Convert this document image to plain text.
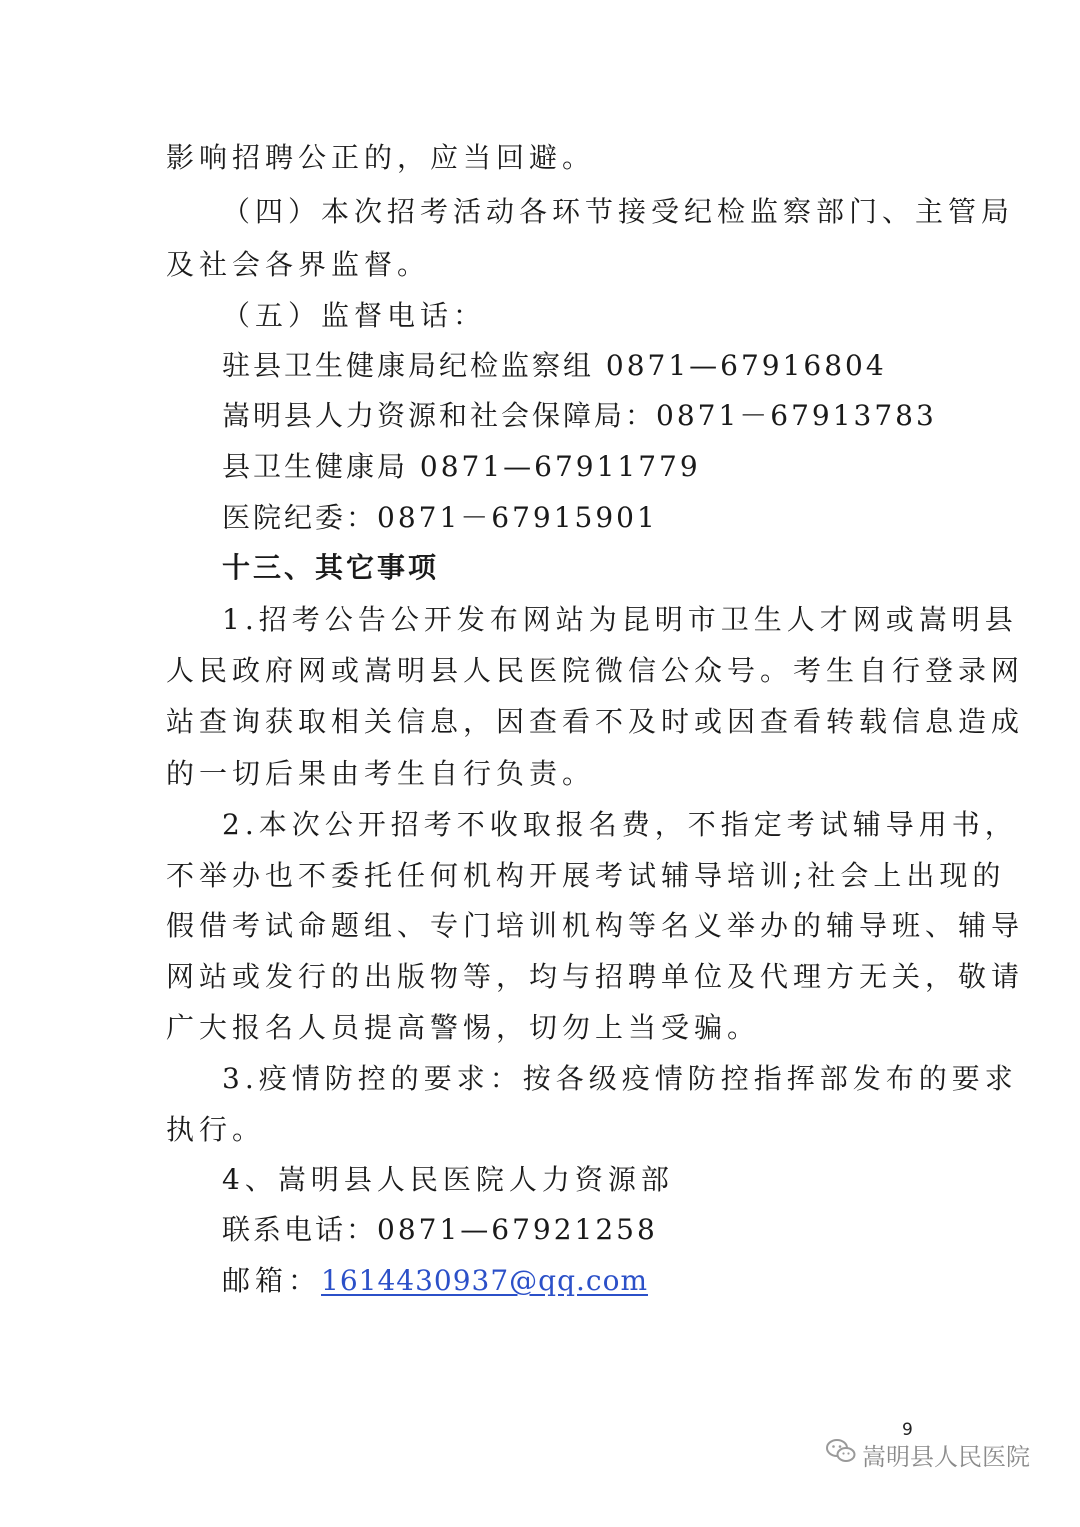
影响招聘公正的，应当回避。
（四）本次招考活动各环节接受纪检监察部门、主管局
及社会各界监督。
（五）监督电话：
驻县卫生健康局纪检监察组 0871—67916804
嵩明县人力资源和社会保障局：0871－67913783
县卫生健康局 0871—67911779
医院纪委：0871－67915901
十三、其它事项
1.招考公告公开发布网站为昆明市卫生人才网或嵩明县
人民政府网或嵩明县人民医院微信公众号。考生自行登录网
站查询获取相关信息，因查看不及时或因查看转载信息造成
的一切后果由考生自行负责。
2.本次公开招考不收取报名费，不指定考试辅导用书，
不举办也不委托任何机构开展考试辅导培训;社会上出现的
假借考试命题组、专门培训机构等名义举办的辅导班、辅导
网站或发行的出版物等，均与招聘单位及代理方无关，敬请
广大报名人员提高警惕，切勿上当受骗。
3.疫情防控的要求：按各级疫情防控指挥部发布的要求
执行。
4、嵩明县人民医院人力资源部
联系电话：0871—67921258
邮箱：1614430937@qq.com
9
嵩明县人民医院
